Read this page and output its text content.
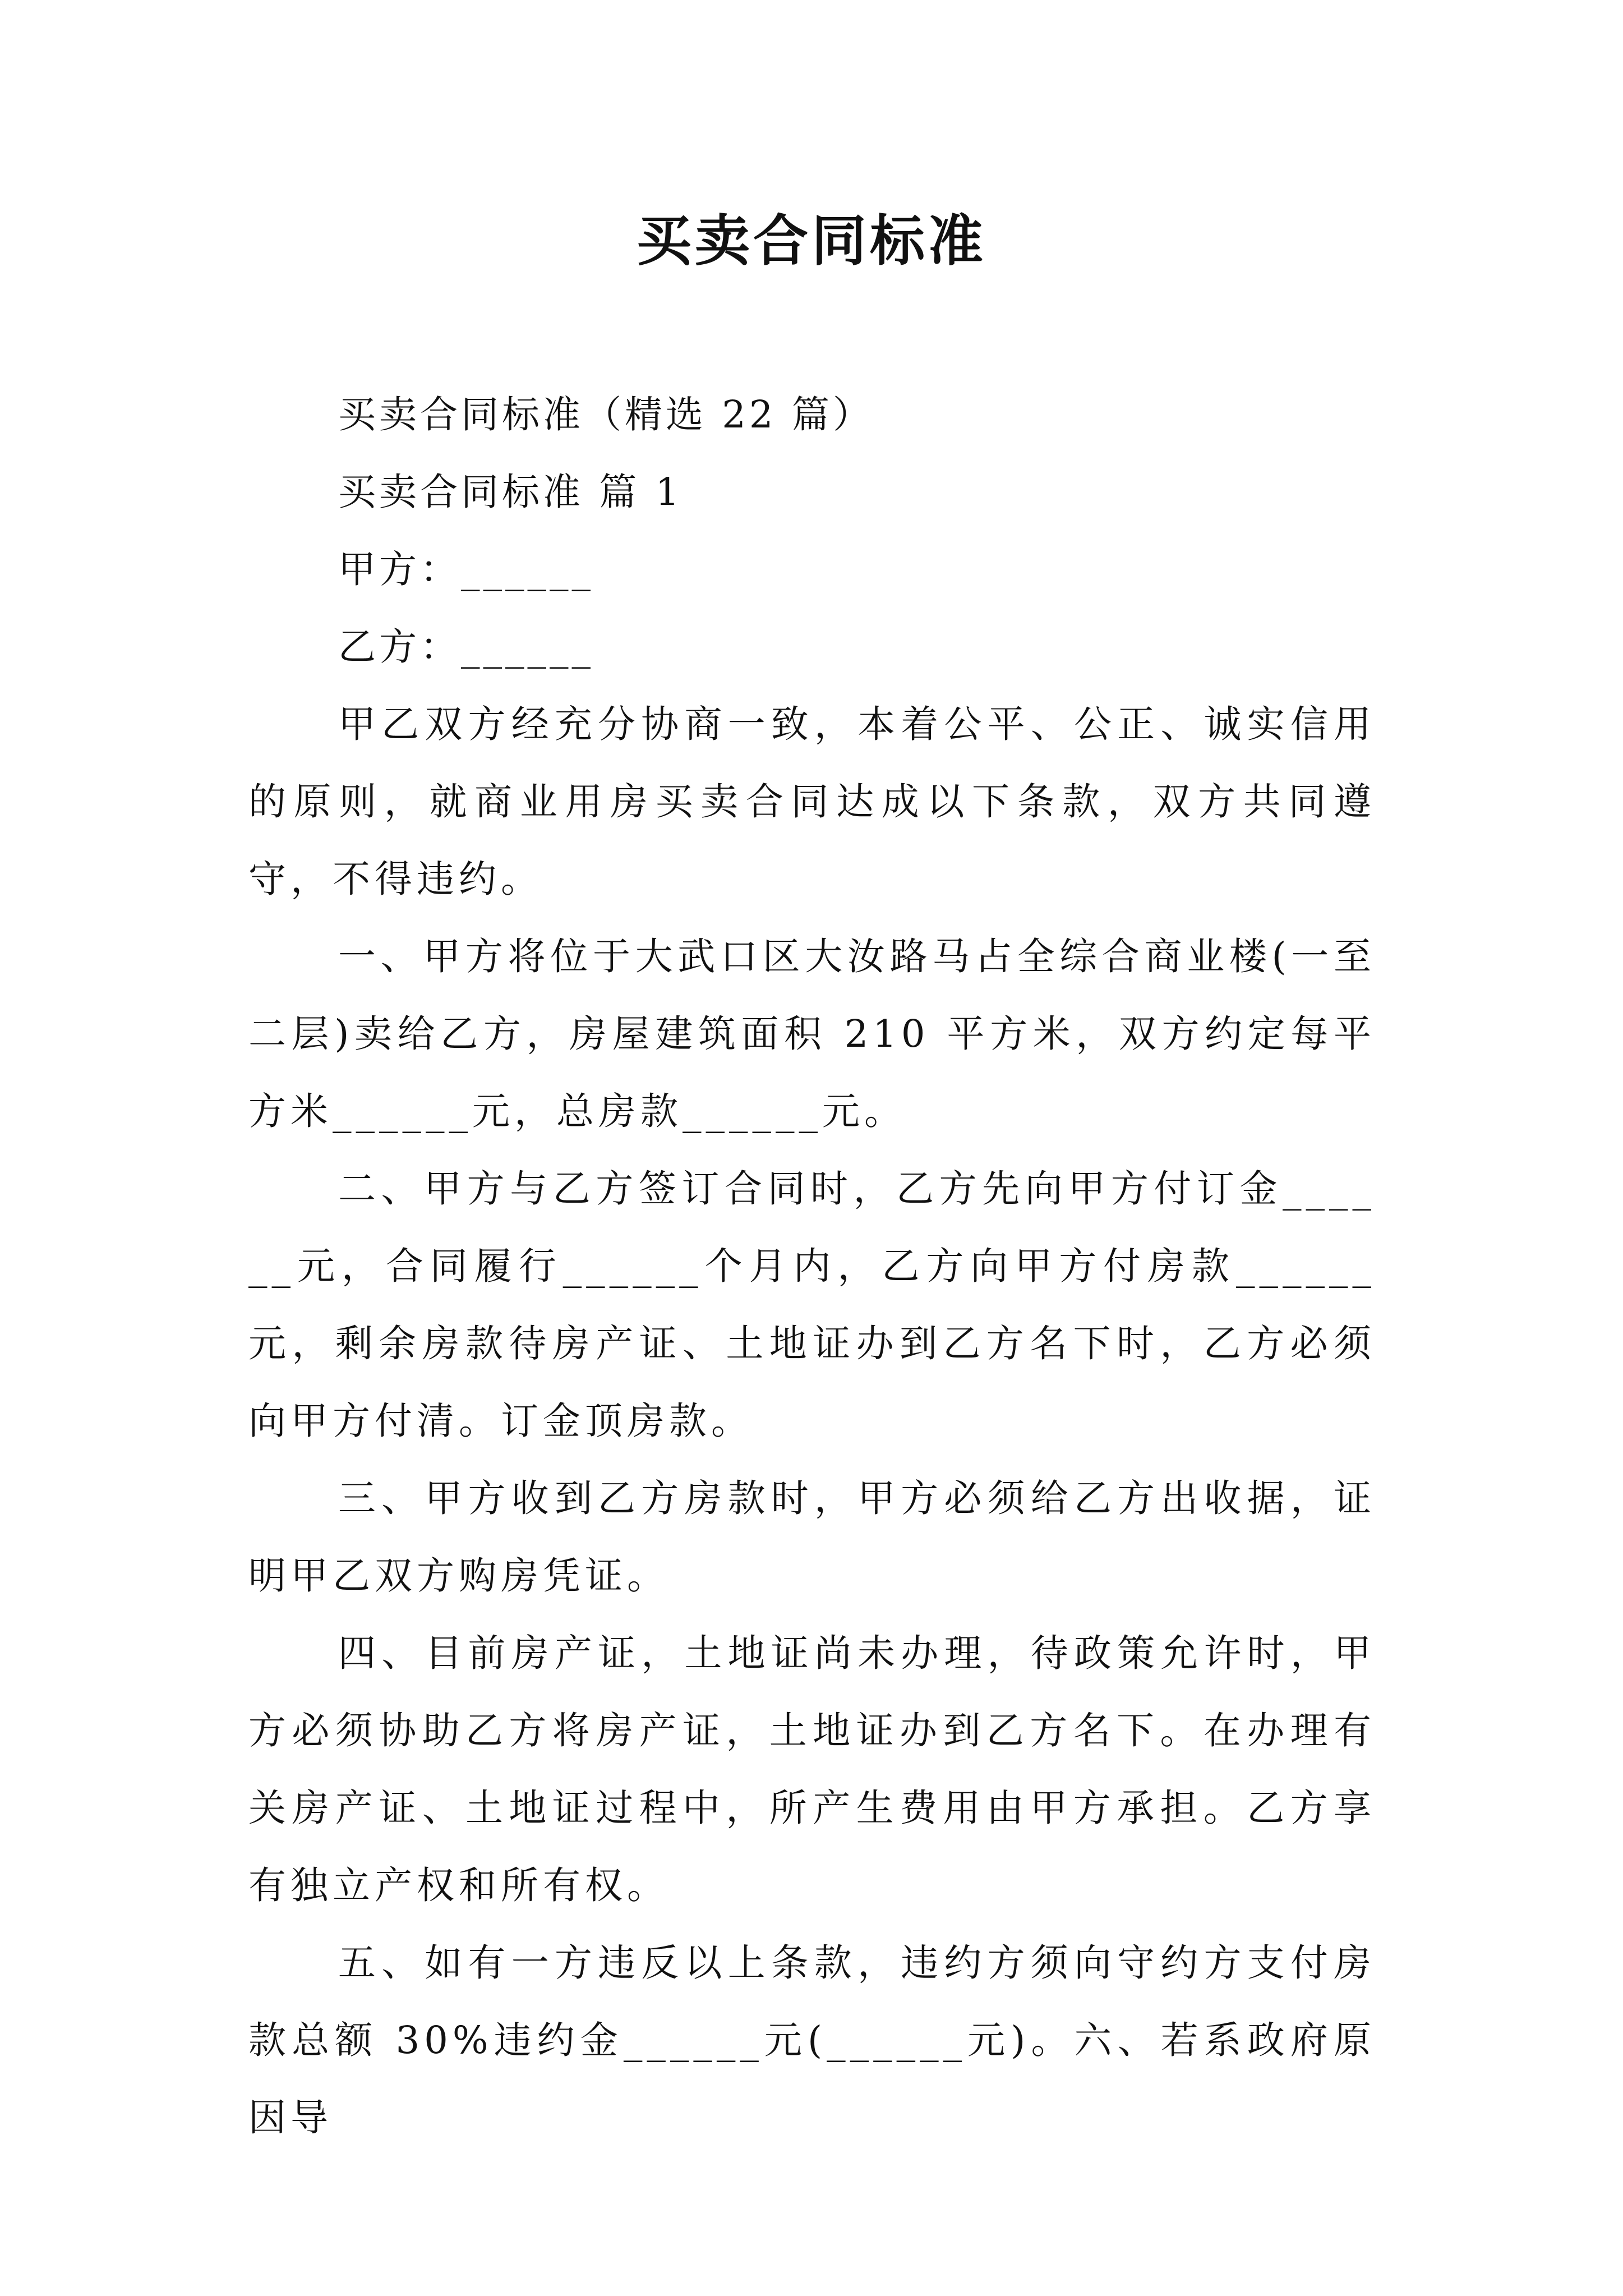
买卖合同标准

买卖合同标准（精选 22 篇）

买卖合同标准 篇 1

甲方：______

乙方：______

甲乙双方经充分协商一致，本着公平、公正、诚实信用的原则，就商业用房买卖合同达成以下条款，双方共同遵守，不得违约。

一、甲方将位于大武口区大汝路马占全综合商业楼(一至二层)卖给乙方，房屋建筑面积 210 平方米，双方约定每平方米______元，总房款______元。

二、甲方与乙方签订合同时，乙方先向甲方付订金______元，合同履行______个月内，乙方向甲方付房款______元，剩余房款待房产证、土地证办到乙方名下时，乙方必须向甲方付清。订金顶房款。

三、甲方收到乙方房款时，甲方必须给乙方出收据，证明甲乙双方购房凭证。

四、目前房产证，土地证尚未办理，待政策允许时，甲方必须协助乙方将房产证，土地证办到乙方名下。在办理有关房产证、土地证过程中，所产生费用由甲方承担。乙方享有独立产权和所有权。

五、如有一方违反以上条款，违约方须向守约方支付房款总额 30%违约金______元(______元)。六、若系政府原因导
